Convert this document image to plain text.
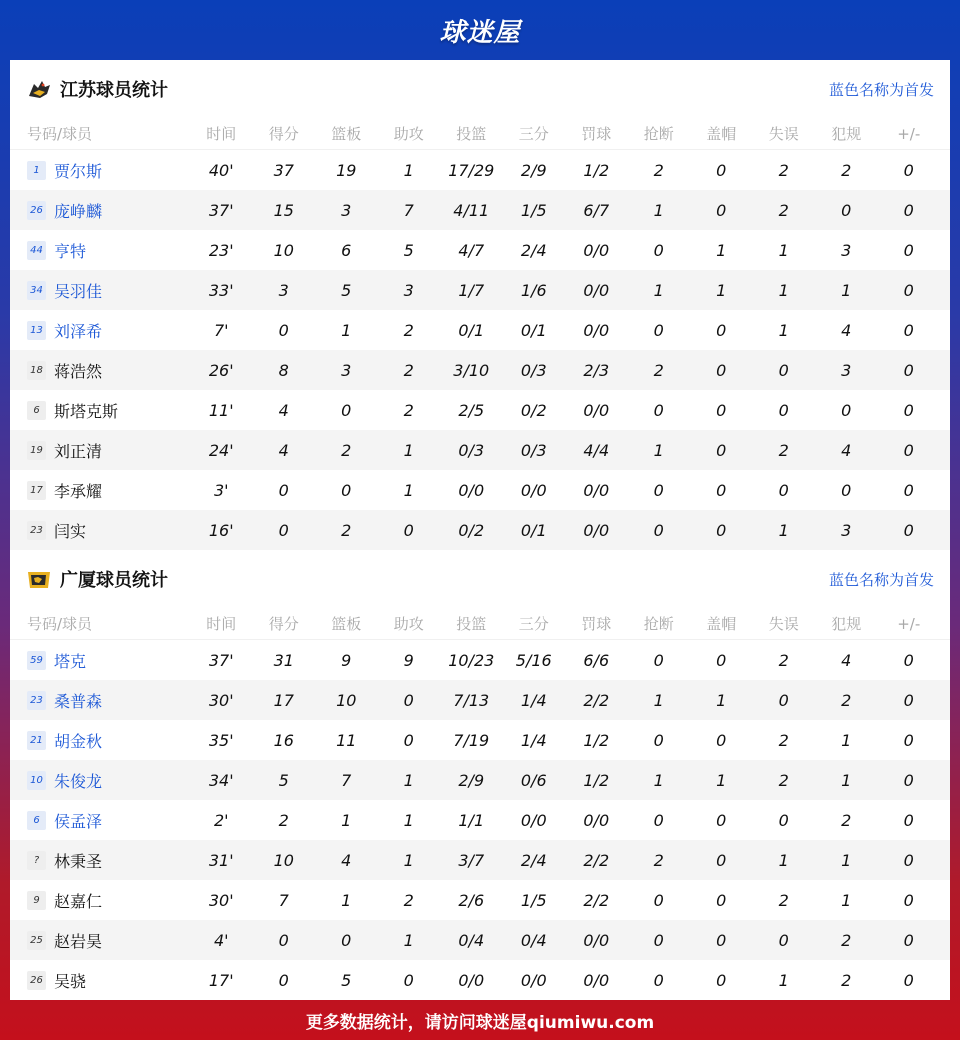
球迷屋
江苏球员统计	蓝色名称为首发
号码/球员	时间	得分	篮板	助攻	投篮	三分	罚球	抢断	盖帽	失误	犯规	+/-
1 贾尔斯	40'	37	19	1	17/29	2/9	1/2	2	0	2	2	0
26 庞峥麟	37'	15	3	7	4/11	1/5	6/7	1	0	2	0	0
44 亨特	23'	10	6	5	4/7	2/4	0/0	0	1	1	3	0
34 吴羽佳	33'	3	5	3	1/7	1/6	0/0	1	1	1	1	0
13 刘泽希	7'	0	1	2	0/1	0/1	0/0	0	0	1	4	0
18 蒋浩然	26'	8	3	2	3/10	0/3	2/3	2	0	0	3	0
6 斯塔克斯	11'	4	0	2	2/5	0/2	0/0	0	0	0	0	0
19 刘正清	24'	4	2	1	0/3	0/3	4/4	1	0	2	4	0
17 李承耀	3'	0	0	1	0/0	0/0	0/0	0	0	0	0	0
23 闫实	16'	0	2	0	0/2	0/1	0/0	0	0	1	3	0
广厦球员统计	蓝色名称为首发
号码/球员	时间	得分	篮板	助攻	投篮	三分	罚球	抢断	盖帽	失误	犯规	+/-
59 塔克	37'	31	9	9	10/23	5/16	6/6	0	0	2	4	0
23 桑普森	30'	17	10	0	7/13	1/4	2/2	1	1	0	2	0
21 胡金秋	35'	16	11	0	7/19	1/4	1/2	0	0	2	1	0
10 朱俊龙	34'	5	7	1	2/9	0/6	1/2	1	1	2	1	0
6 侯孟泽	2'	2	1	1	1/1	0/0	0/0	0	0	0	2	0
? 林秉圣	31'	10	4	1	3/7	2/4	2/2	2	0	1	1	0
9 赵嘉仁	30'	7	1	2	2/6	1/5	2/2	0	0	2	1	0
25 赵岩昊	4'	0	0	1	0/4	0/4	0/0	0	0	0	2	0
26 吴骁	17'	0	5	0	0/0	0/0	0/0	0	0	1	2	0
更多数据统计，请访问球迷屋qiumiwu.com
